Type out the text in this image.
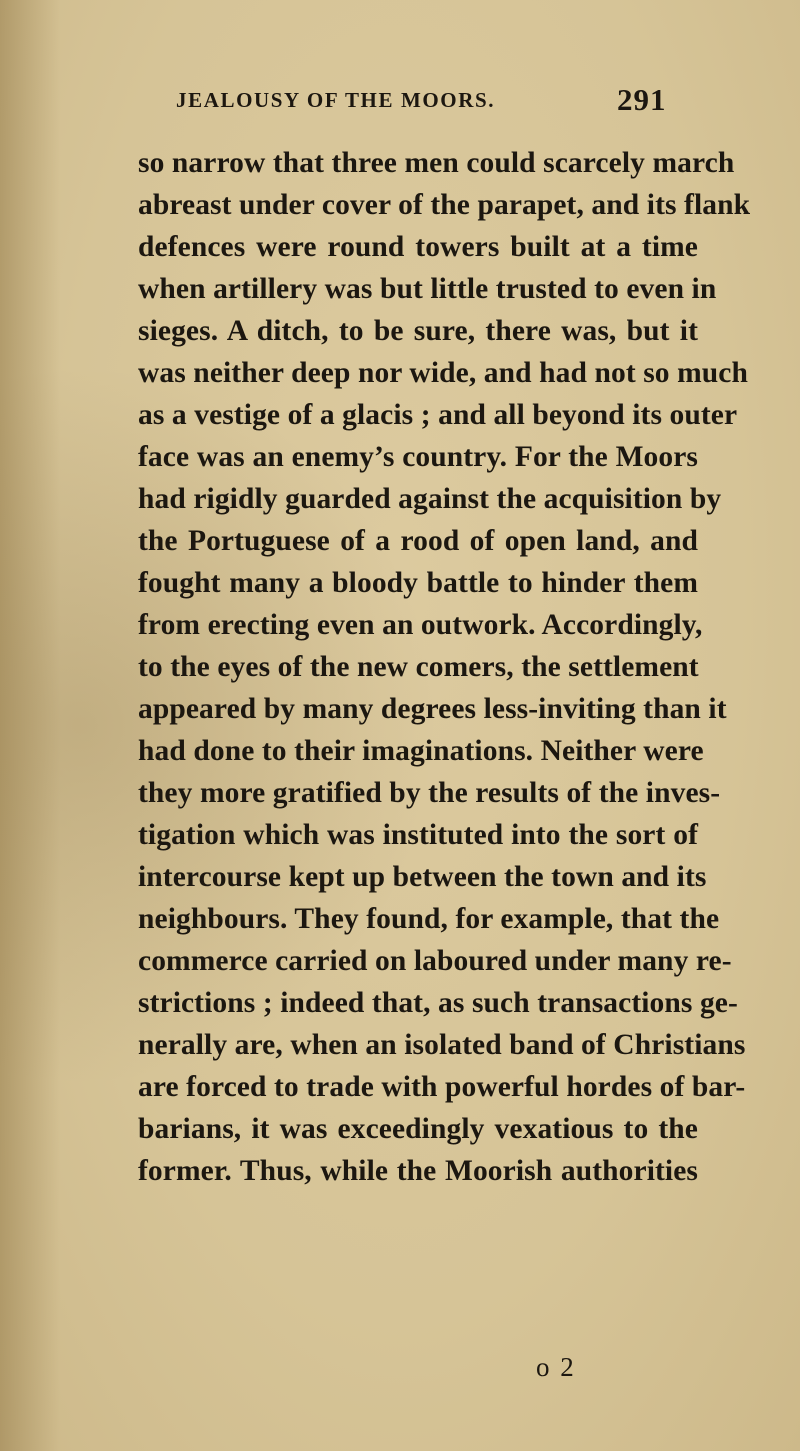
JEALOUSY OF THE MOORS.	291
so narrow that three men could scarcely march
abreast under cover of the parapet, and its flank
defences were round towers built at a time
when artillery was but little trusted to even in
sieges. A ditch, to be sure, there was, but it
was neither deep nor wide, and had not so much
as a vestige of a glacis ; and all beyond its outer
face was an enemy’s country. For the Moors
had rigidly guarded against the acquisition by
the Portuguese of a rood of open land, and
fought many a bloody battle to hinder them
from erecting even an outwork. Accordingly,
to the eyes of the new comers, the settlement
appeared by many degrees less-inviting than it
had done to their imaginations. Neither were
they more gratified by the results of the inves-
tigation which was instituted into the sort of
intercourse kept up between the town and its
neighbours. They found, for example, that the
commerce carried on laboured under many re-
strictions ; indeed that, as such transactions ge-
nerally are, when an isolated band of Christians
are forced to trade with powerful hordes of bar-
barians, it was exceedingly vexatious to the
former. Thus, while the Moorish authorities
o 2
